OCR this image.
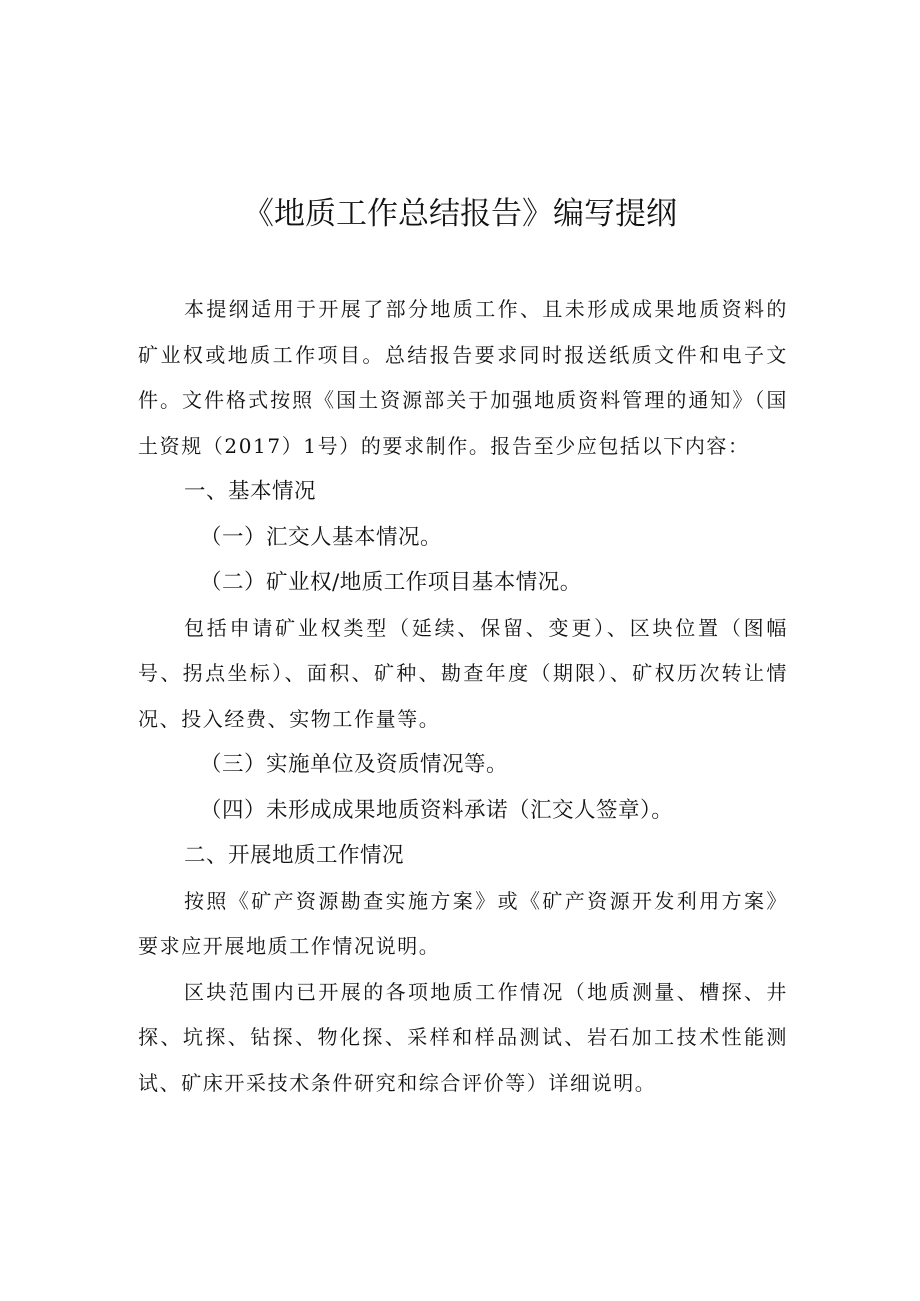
《地质工作总结报告》编写提纲

本提纲适用于开展了部分地质工作、且未形成成果地质资料的矿业权或地质工作项目。总结报告要求同时报送纸质文件和电子文件。文件格式按照《国土资源部关于加强地质资料管理的通知》（国土资规（2017）1号）的要求制作。报告至少应包括以下内容：

一、基本情况

（一）汇交人基本情况。

（二）矿业权/地质工作项目基本情况。

包括申请矿业权类型（延续、保留、变更）、区块位置（图幅号、拐点坐标）、面积、矿种、勘查年度（期限）、矿权历次转让情况、投入经费、实物工作量等。

（三）实施单位及资质情况等。

（四）未形成成果地质资料承诺（汇交人签章）。

二、开展地质工作情况

按照《矿产资源勘查实施方案》或《矿产资源开发利用方案》要求应开展地质工作情况说明。

区块范围内已开展的各项地质工作情况（地质测量、槽探、井探、坑探、钻探、物化探、采样和样品测试、岩石加工技术性能测试、矿床开采技术条件研究和综合评价等）详细说明。
